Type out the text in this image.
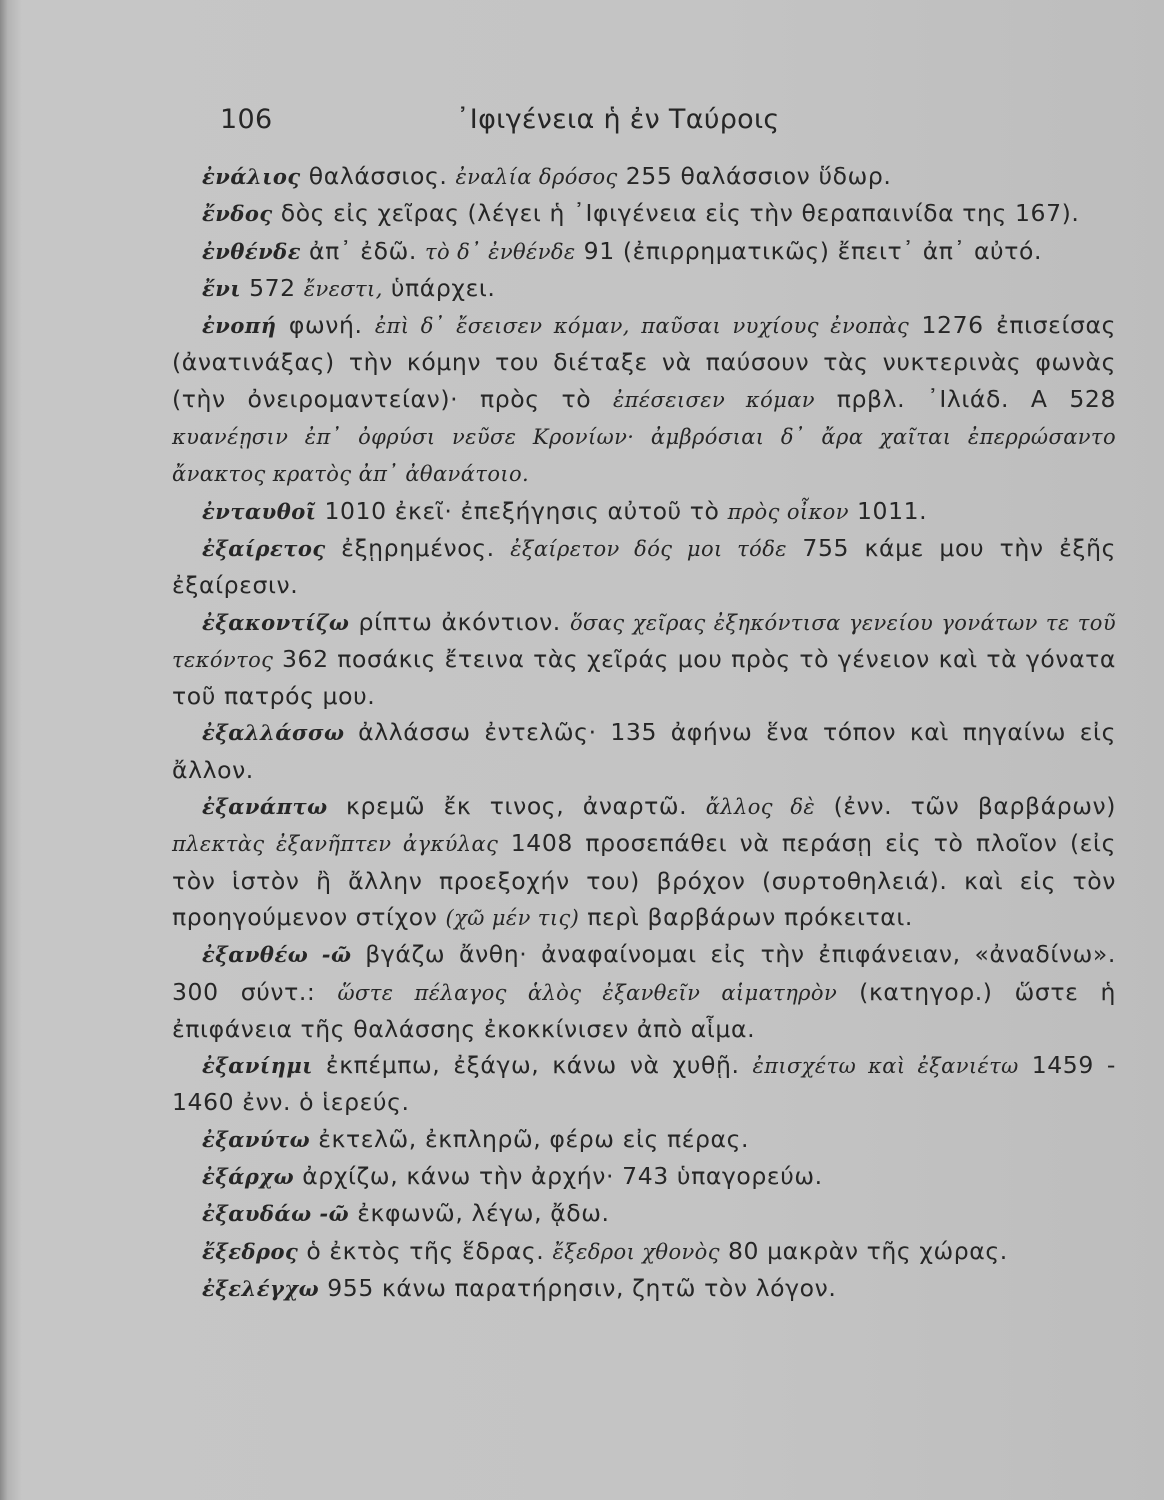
106	᾿Ιφιγένεια ἡ ἐν Ταύροις

ἐνάλιος θαλάσσιος. ἐναλία δρόσος 255 θαλάσσιον ὕδωρ.

ἔνδος δὸς εἰς χεῖρας (λέγει ἡ ᾿Ιφιγένεια εἰς τὴν θεραπαινίδα της 167).

ἐνθένδε ἀπ᾿ ἐδῶ. τὸ δ᾿ ἐνθένδε 91 (ἐπιρρηματικῶς) ἔπειτ᾿ ἀπ᾿ αὐτό.

ἔνι 572 ἔνεστι, ὑπάρχει.

ἐνοπή φωνή. ἐπὶ δ᾿ ἔσεισεν κόμαν, παῦσαι νυχίους ἐνοπὰς 1276 ἐπισείσας (ἀνατινάξας) τὴν κόμην του διέταξε νὰ παύσουν τὰς νυκτερινὰς φωνὰς (τὴν ὀνειρομαντείαν)· πρὸς τὸ ἐπέσεισεν κόμαν πρβλ. ᾿Ιλιάδ. Α 528 κυανέῃσιν ἐπ᾿ ὀφρύσι νεῦσε Κρονίων· ἀμβρόσιαι δ᾿ ἄρα χαῖται ἐπερρώσαντο ἄνακτος κρατὸς ἀπ᾿ ἀθανάτοιο.

ἐνταυθοῖ 1010 ἐκεῖ· ἐπεξήγησις αὐτοῦ τὸ πρὸς οἶκον 1011.

ἐξαίρετος ἐξῃρημένος. ἐξαίρετον δός μοι τόδε 755 κάμε μου τὴν ἐξῆς ἐξαίρεσιν.

ἐξακοντίζω ρίπτω ἀκόντιον. ὅσας χεῖρας ἐξηκόντισα γενείου γονάτων τε τοῦ τεκόντος 362 ποσάκις ἔτεινα τὰς χεῖράς μου πρὸς τὸ γένειον καὶ τὰ γόνατα τοῦ πατρός μου.

ἐξαλλάσσω ἀλλάσσω ἐντελῶς· 135 ἀφήνω ἕνα τόπον καὶ πηγαίνω εἰς ἄλλον.

ἐξανάπτω κρεμῶ ἔκ τινος, ἀναρτῶ. ἄλλος δὲ (ἐνν. τῶν βαρβάρων) πλεκτὰς ἐξανῆπτεν ἀγκύλας 1408 προσεπάθει νὰ περάσῃ εἰς τὸ πλοῖον (εἰς τὸν ἱστὸν ἢ ἄλλην προεξοχήν του) βρόχον (συρτοθηλειά). καὶ εἰς τὸν προηγούμενον στίχον (χῶ μέν τις) περὶ βαρβάρων πρόκειται.

ἐξανθέω -ῶ βγάζω ἄνθη· ἀναφαίνομαι εἰς τὴν ἐπιφάνειαν, «ἀναδίνω». 300 σύντ.: ὥστε πέλαγος ἁλὸς ἐξανθεῖν αἱματηρὸν (κατηγορ.) ὥστε ἡ ἐπιφάνεια τῆς θαλάσσης ἐκοκκίνισεν ἀπὸ αἷμα.

ἐξανίημι ἐκπέμπω, ἐξάγω, κάνω νὰ χυθῇ. ἐπισχέτω καὶ ἐξανιέτω 1459 - 1460 ἐνν. ὁ ἱερεύς.

ἐξανύτω ἐκτελῶ, ἐκπληρῶ, φέρω εἰς πέρας.

ἐξάρχω ἀρχίζω, κάνω τὴν ἀρχήν· 743 ὑπαγορεύω.

ἐξαυδάω -ῶ ἐκφωνῶ, λέγω, ᾄδω.

ἔξεδρος ὁ ἐκτὸς τῆς ἕδρας. ἔξεδροι χθονὸς 80 μακρὰν τῆς χώρας.

ἐξελέγχω 955 κάνω παρατήρησιν, ζητῶ τὸν λόγον.
